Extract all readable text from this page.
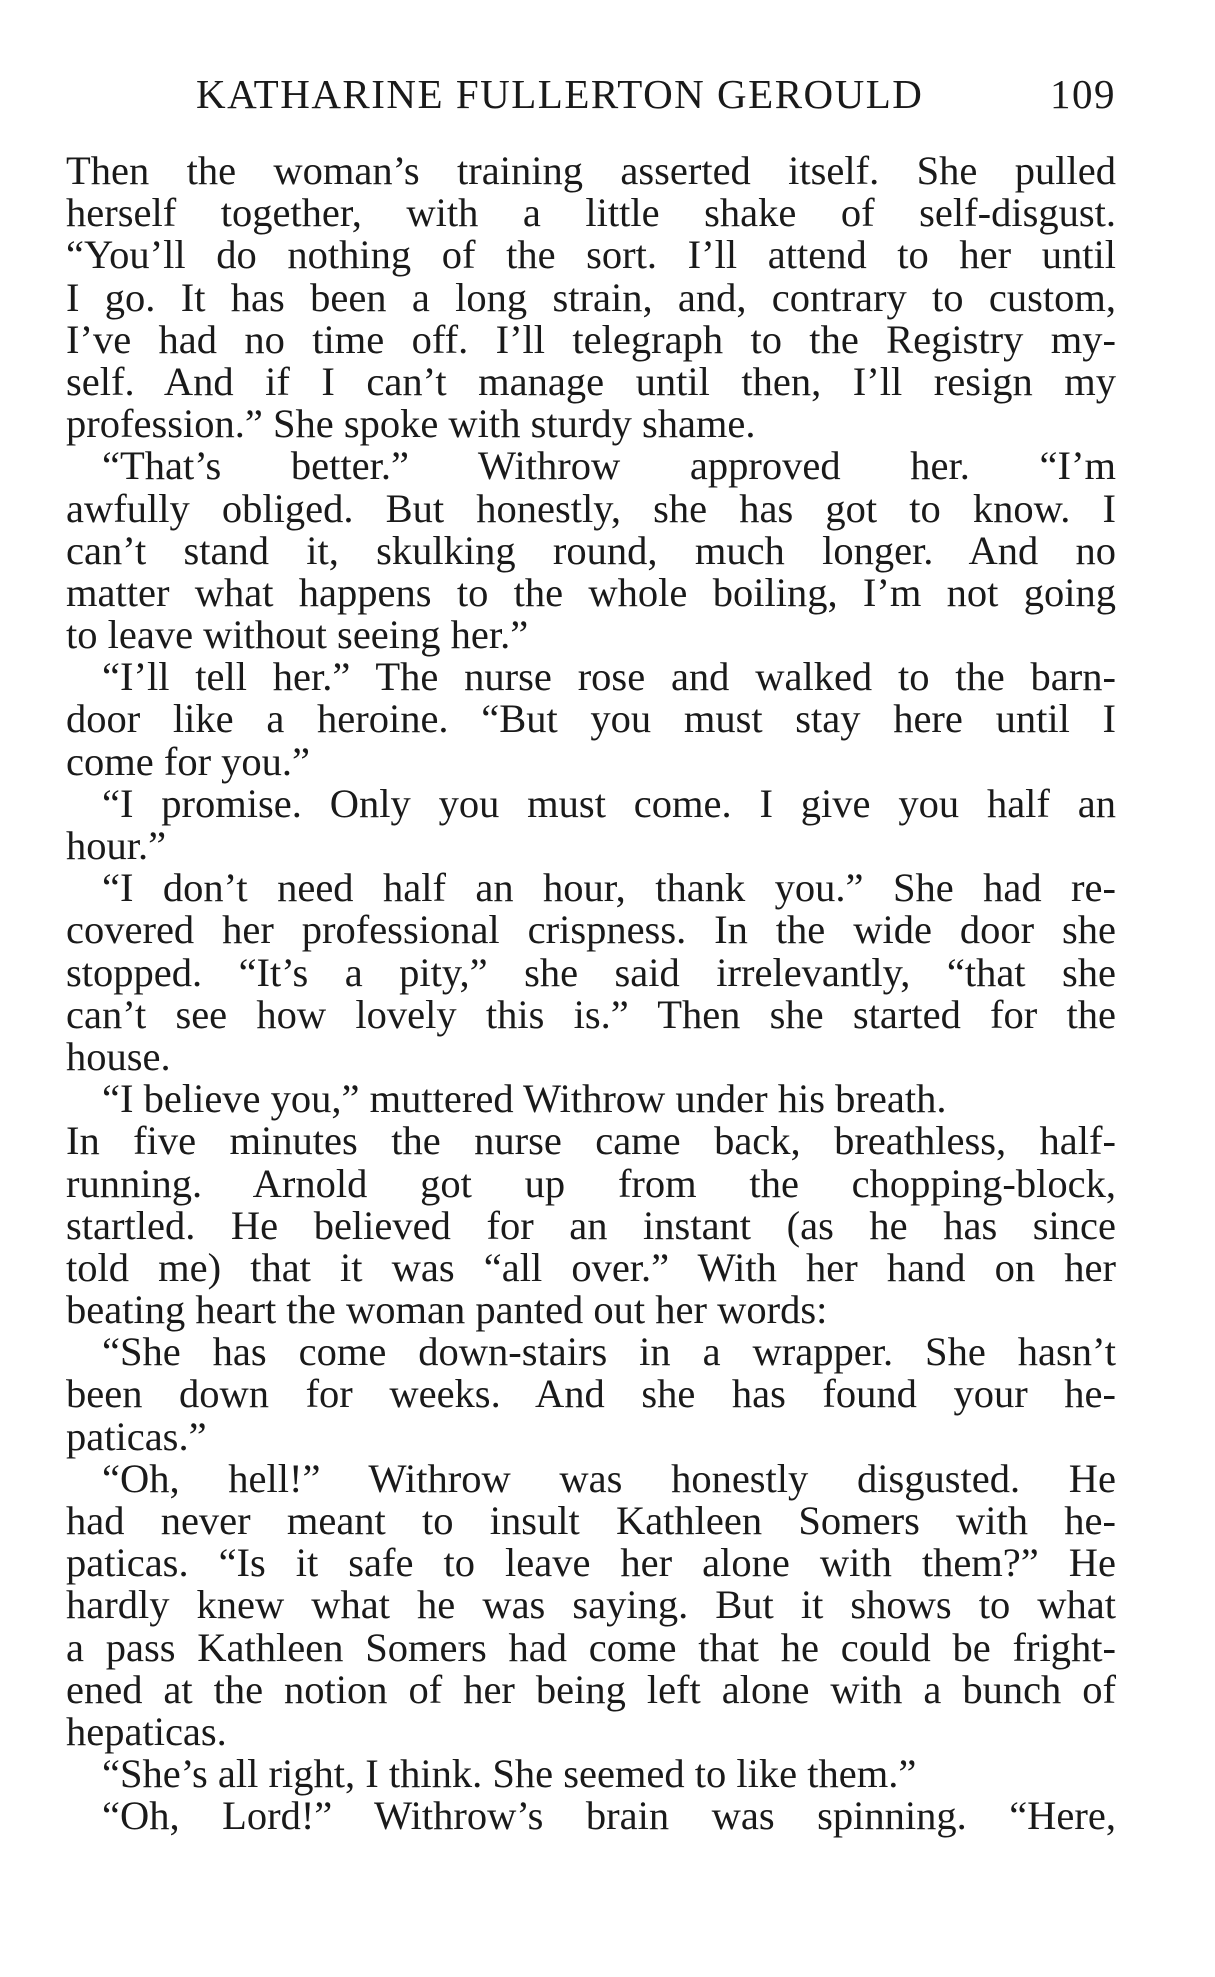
KATHARINE FULLERTON GEROULD	109
Then the woman’s training asserted itself. She pulled
herself together, with a little shake of self-disgust.
“You’ll do nothing of the sort. I’ll attend to her until
I go. It has been a long strain, and, contrary to custom,
I’ve had no time off. I’ll telegraph to the Registry my-
self. And if I can’t manage until then, I’ll resign my
profession.” She spoke with sturdy shame.
“That’s better.” Withrow approved her. “I’m
awfully obliged. But honestly, she has got to know. I
can’t stand it, skulking round, much longer. And no
matter what happens to the whole boiling, I’m not going
to leave without seeing her.”
“I’ll tell her.” The nurse rose and walked to the barn-
door like a heroine. “But you must stay here until I
come for you.”
“I promise. Only you must come. I give you half an
hour.”
“I don’t need half an hour, thank you.” She had re-
covered her professional crispness. In the wide door she
stopped. “It’s a pity,” she said irrelevantly, “that she
can’t see how lovely this is.” Then she started for the
house.
“I believe you,” muttered Withrow under his breath.
In five minutes the nurse came back, breathless, half-
running. Arnold got up from the chopping-block,
startled. He believed for an instant (as he has since
told me) that it was “all over.” With her hand on her
beating heart the woman panted out her words:
“She has come down-stairs in a wrapper. She hasn’t
been down for weeks. And she has found your he-
paticas.”
“Oh, hell!” Withrow was honestly disgusted. He
had never meant to insult Kathleen Somers with he-
paticas. “Is it safe to leave her alone with them?” He
hardly knew what he was saying. But it shows to what
a pass Kathleen Somers had come that he could be fright-
ened at the notion of her being left alone with a bunch of
hepaticas.
“She’s all right, I think. She seemed to like them.”
“Oh, Lord!” Withrow’s brain was spinning. “Here,
